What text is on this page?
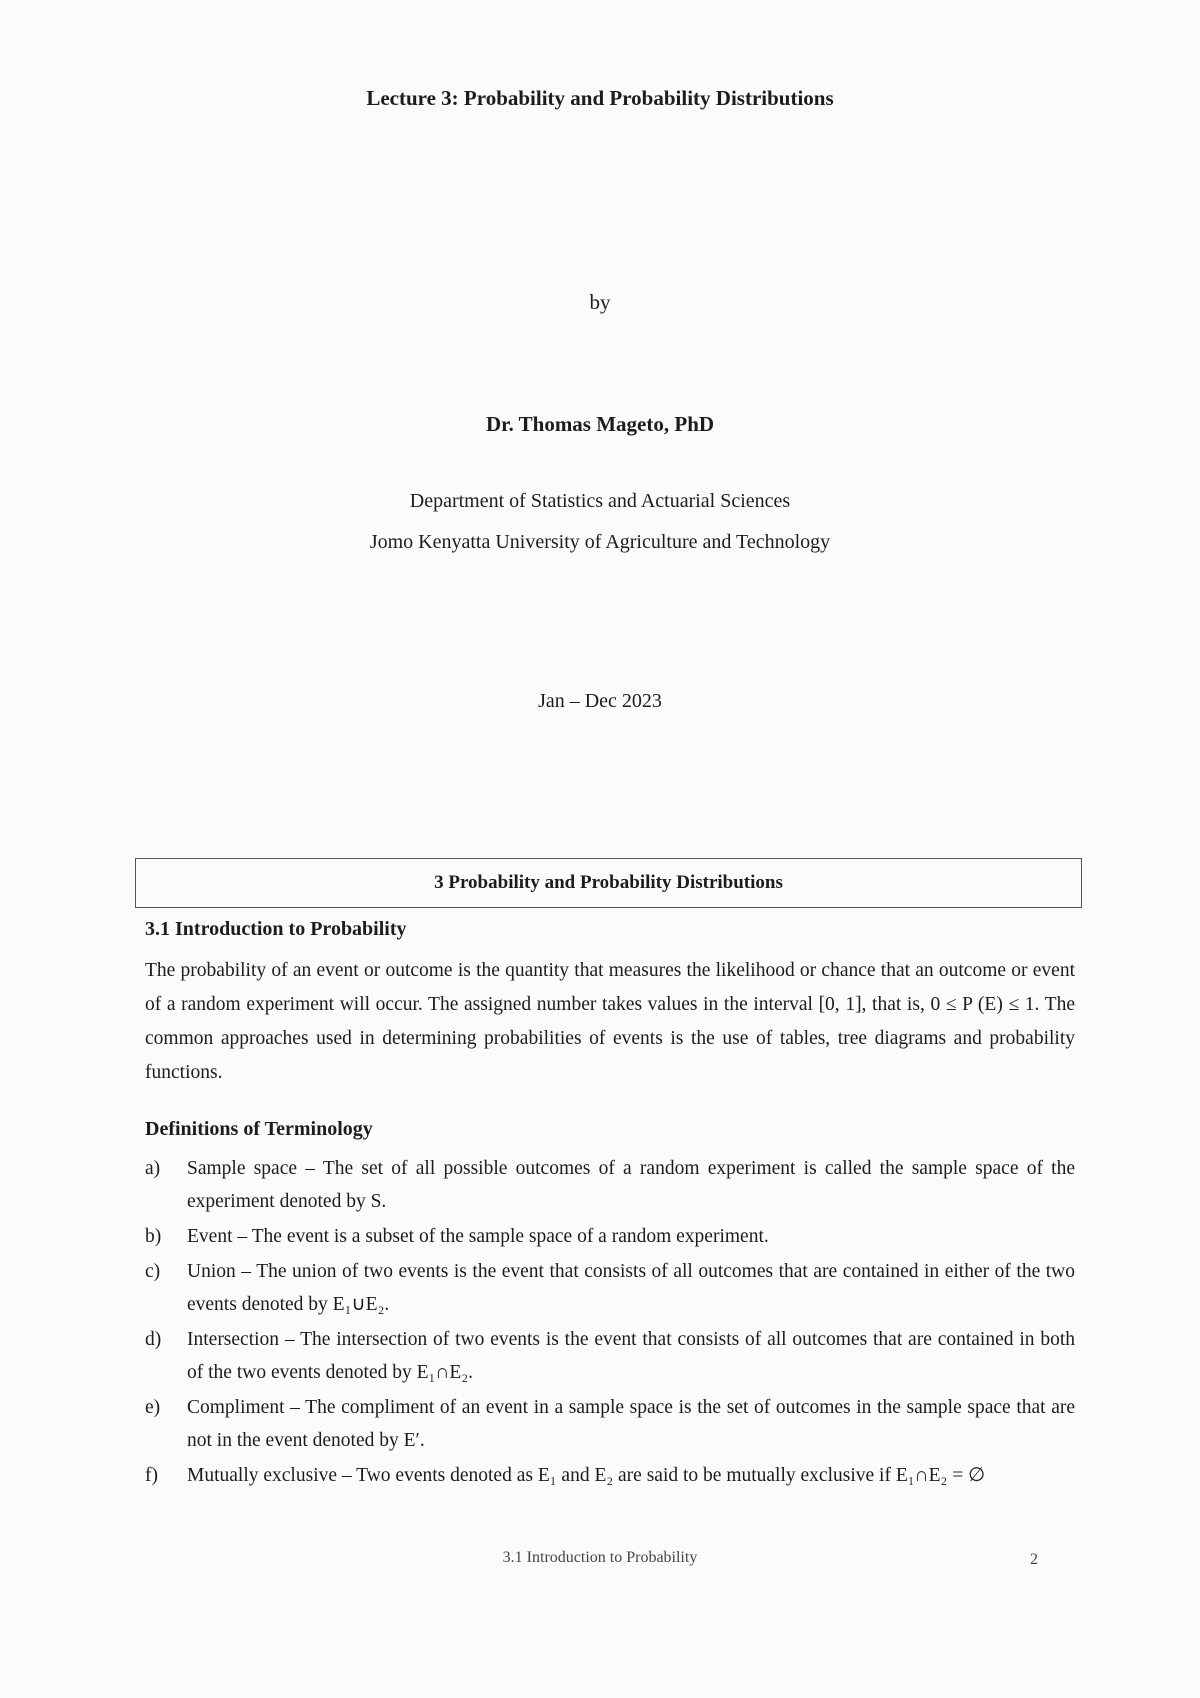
Lecture 3: Probability and Probability Distributions
by
Dr. Thomas Mageto, PhD
Department of Statistics and Actuarial Sciences
Jomo Kenyatta University of Agriculture and Technology
Jan – Dec 2023
3 Probability and Probability Distributions
3.1 Introduction to Probability
The probability of an event or outcome is the quantity that measures the likelihood or chance that an outcome or event of a random experiment will occur. The assigned number takes values in the interval [0, 1], that is, 0 ≤ P (E) ≤ 1. The common approaches used in determining probabilities of events is the use of tables, tree diagrams and probability functions.
Definitions of Terminology
a) Sample space – The set of all possible outcomes of a random experiment is called the sample space of the experiment denoted by S.
b) Event – The event is a subset of the sample space of a random experiment.
c) Union – The union of two events is the event that consists of all outcomes that are contained in either of the two events denoted by E₁∪E₂.
d) Intersection – The intersection of two events is the event that consists of all outcomes that are contained in both of the two events denoted by E₁∩E₂.
e) Compliment – The compliment of an event in a sample space is the set of outcomes in the sample space that are not in the event denoted by E′.
f) Mutually exclusive – Two events denoted as E₁ and E₂ are said to be mutually exclusive if E₁∩E₂ = ∅
3.1 Introduction to Probability	2
